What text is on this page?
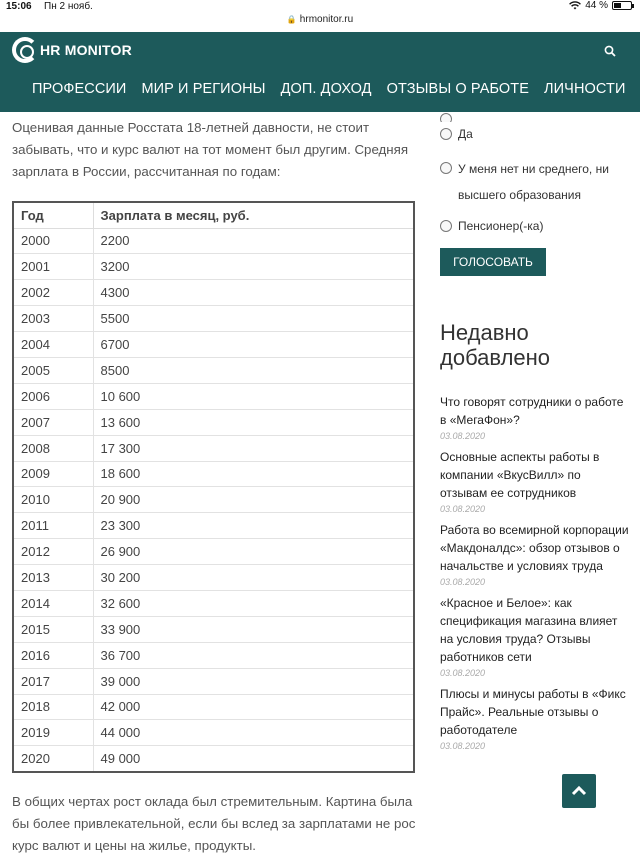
15:06 Пн 2 нояб.	44 %
🔒 hrmonitor.ru
HR MONITOR
ПРОФЕССИИ МИР И РЕГИОНЫ ДОП. ДОХОД ОТЗЫВЫ О РАБОТЕ ЛИЧНОСТИ

Оценивая данные Росстата 18-летней давности, не стоит забывать, что и курс валют на тот момент был другим. Средняя зарплата в России, рассчитанная по годам:

Год	Зарплата в месяц, руб.
2000	2200
2001	3200
2002	4300
2003	5500
2004	6700
2005	8500
2006	10 600
2007	13 600
2008	17 300
2009	18 600
2010	20 900
2011	23 300
2012	26 900
2013	30 200
2014	32 600
2015	33 900
2016	36 700
2017	39 000
2018	42 000
2019	44 000
2020	49 000

В общих чертах рост оклада был стремительным. Картина была бы более привлекательной, если бы вслед за зарплатами не рос курс валют и цены на жилье, продукты.

Да
У меня нет ни среднего, ни высшего образования
Пенсионер(-ка)
ГОЛОСОВАТЬ
Недавно добавлено
Что говорят сотрудники о работе в «МегаФон»?
03.08.2020
Основные аспекты работы в компании «ВкусВилл» по отзывам ее сотрудников
03.08.2020
Работа во всемирной корпорации «Макдоналдс»: обзор отзывов о начальстве и условиях труда
03.08.2020
«Красное и Белое»: как спецификация магазина влияет на условия труда? Отзывы работников сети
03.08.2020
Плюсы и минусы работы в «Фикс Прайс». Реальные отзывы о работодателе
03.08.2020
